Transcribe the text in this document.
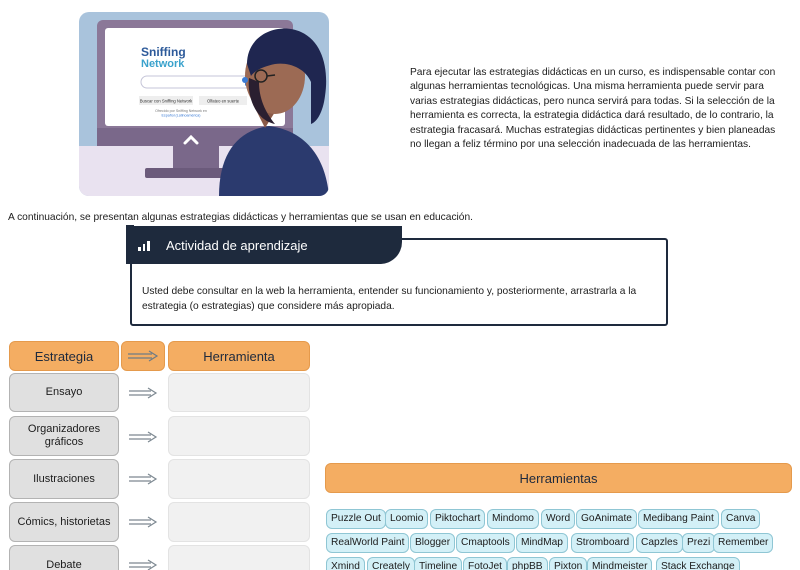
Sniffing
Network
Buscar con Sniffing Network	Olfateo en suerte
Ofrecido por Sniffing Network en
Español (Latinoamérica)

Para ejecutar las estrategias didácticas en un curso, es indispensable contar con algunas herramientas tecnológicas. Una misma herramienta puede servir para varias estrategias didácticas, pero nunca servirá para todas. Si la selección de la herramienta es correcta, la estrategia didáctica dará resultado, de lo contrario, la estrategia fracasará. Muchas estrategias didácticas pertinentes y bien planeadas no llegan a feliz término por una selección inadecuada de las herramientas.

A continuación, se presentan algunas estrategias didácticas y herramientas que se usan en educación.

Actividad de aprendizaje

Usted debe consultar en la web la herramienta, entender su funcionamiento y, posteriormente, arrastrarla a la estrategia (o estrategias) que considere más apropiada.

Estrategia	Herramienta
Ensayo
Organizadores gráficos
Ilustraciones
Cómics, historietas
Debate
Herramientas
Puzzle Out Loomio	Piktochart	Mindomo	Word	GoAnimate	Medibang Paint	Canva
RealWorld Paint	Blogger	Cmaptools	MindMap	Stromboard	Capzles Prezi Remember
Xmind	Creately Timeline	FotoJet phpBB	Pixton Mindmeister	Stack Exchange
